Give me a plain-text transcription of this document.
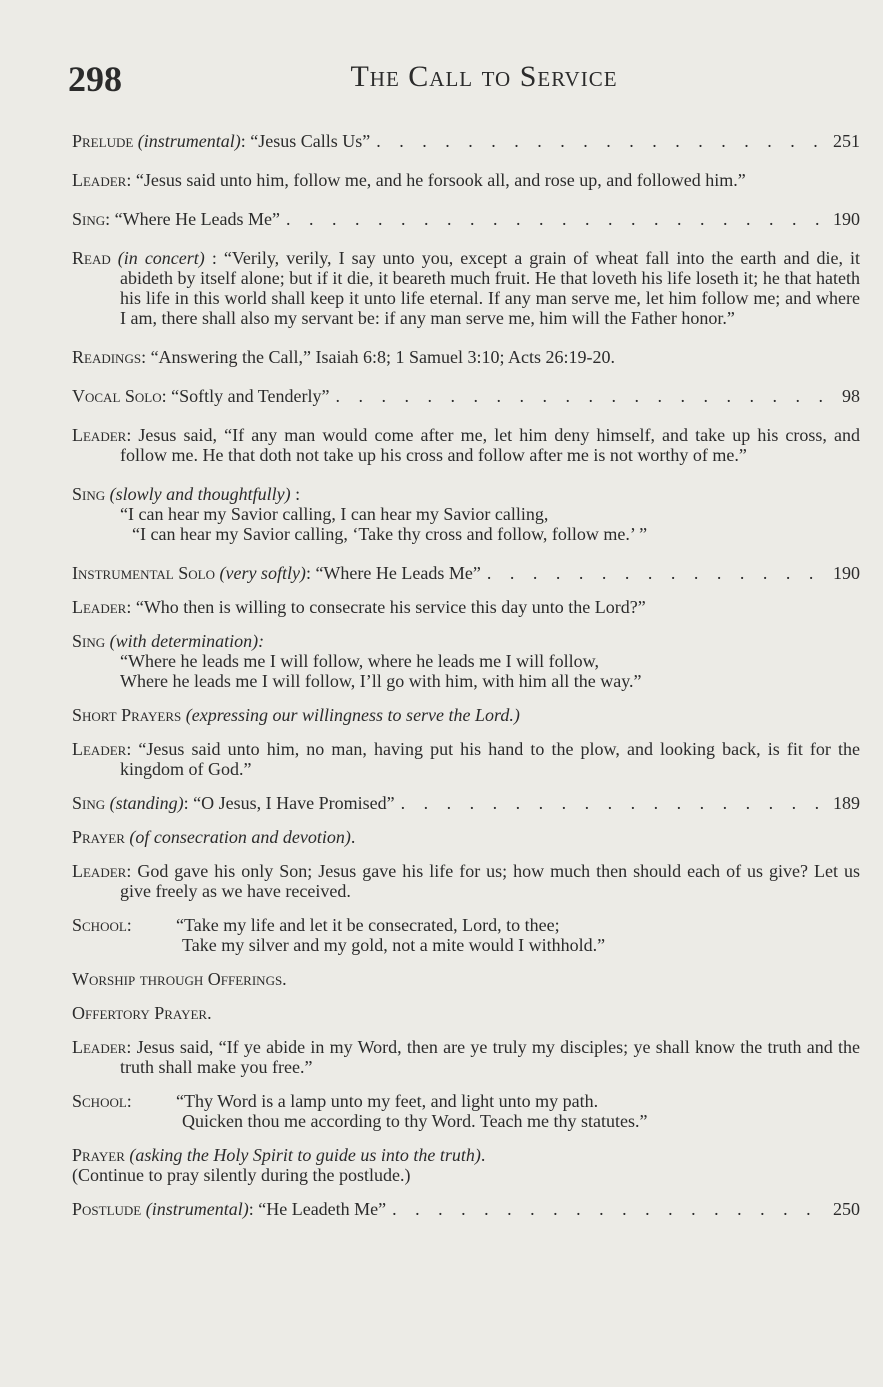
298	The Call to Service
Prelude (instrumental): “Jesus Calls Us” . . .	251
Leader: “Jesus said unto him, follow me, and he forsook all, and rose up, and followed him.”
Sing: “Where He Leads Me” . . .	190
Read (in concert) : “Verily, verily, I say unto you, except a grain of wheat fall into the earth and die, it abideth by itself alone; but if it die, it beareth much fruit. He that loveth his life loseth it; he that hateth his life in this world shall keep it unto life eternal. If any man serve me, let him follow me; and where I am, there shall also my servant be: if any man serve me, him will the Father honor.”
Readings: “Answering the Call,” Isaiah 6:8; 1 Samuel 3:10; Acts 26:19-20.
Vocal Solo: “Softly and Tenderly” . . .	98
Leader: Jesus said, “If any man would come after me, let him deny himself, and take up his cross, and follow me. He that doth not take up his cross and follow after me is not worthy of me.”
Sing (slowly and thoughtfully) :
“I can hear my Savior calling, I can hear my Savior calling,
“I can hear my Savior calling, ‘Take thy cross and follow, follow me.’ ”
Instrumental Solo (very softly): “Where He Leads Me” . . .	190
Leader: “Who then is willing to consecrate his service this day unto the Lord?”
Sing (with determination):
“Where he leads me I will follow, where he leads me I will follow,
Where he leads me I will follow, I’ll go with him, with him all the way.”
Short Prayers (expressing our willingness to serve the Lord.)
Leader: “Jesus said unto him, no man, having put his hand to the plow, and looking back, is fit for the kingdom of God.”
Sing (standing): “O Jesus, I Have Promised” . . .	189
Prayer (of consecration and devotion).
Leader: God gave his only Son; Jesus gave his life for us; how much then should each of us give? Let us give freely as we have received.
School:	“Take my life and let it be consecrated, Lord, to thee;
Take my silver and my gold, not a mite would I withhold.”
Worship through Offerings.
Offertory Prayer.
Leader: Jesus said, “If ye abide in my Word, then are ye truly my disciples; ye shall know the truth and the truth shall make you free.”
School:	“Thy Word is a lamp unto my feet, and light unto my path.
Quicken thou me according to thy Word. Teach me thy statutes.”
Prayer (asking the Holy Spirit to guide us into the truth).
(Continue to pray silently during the postlude.)
Postlude (instrumental): “He Leadeth Me” . . .	250
